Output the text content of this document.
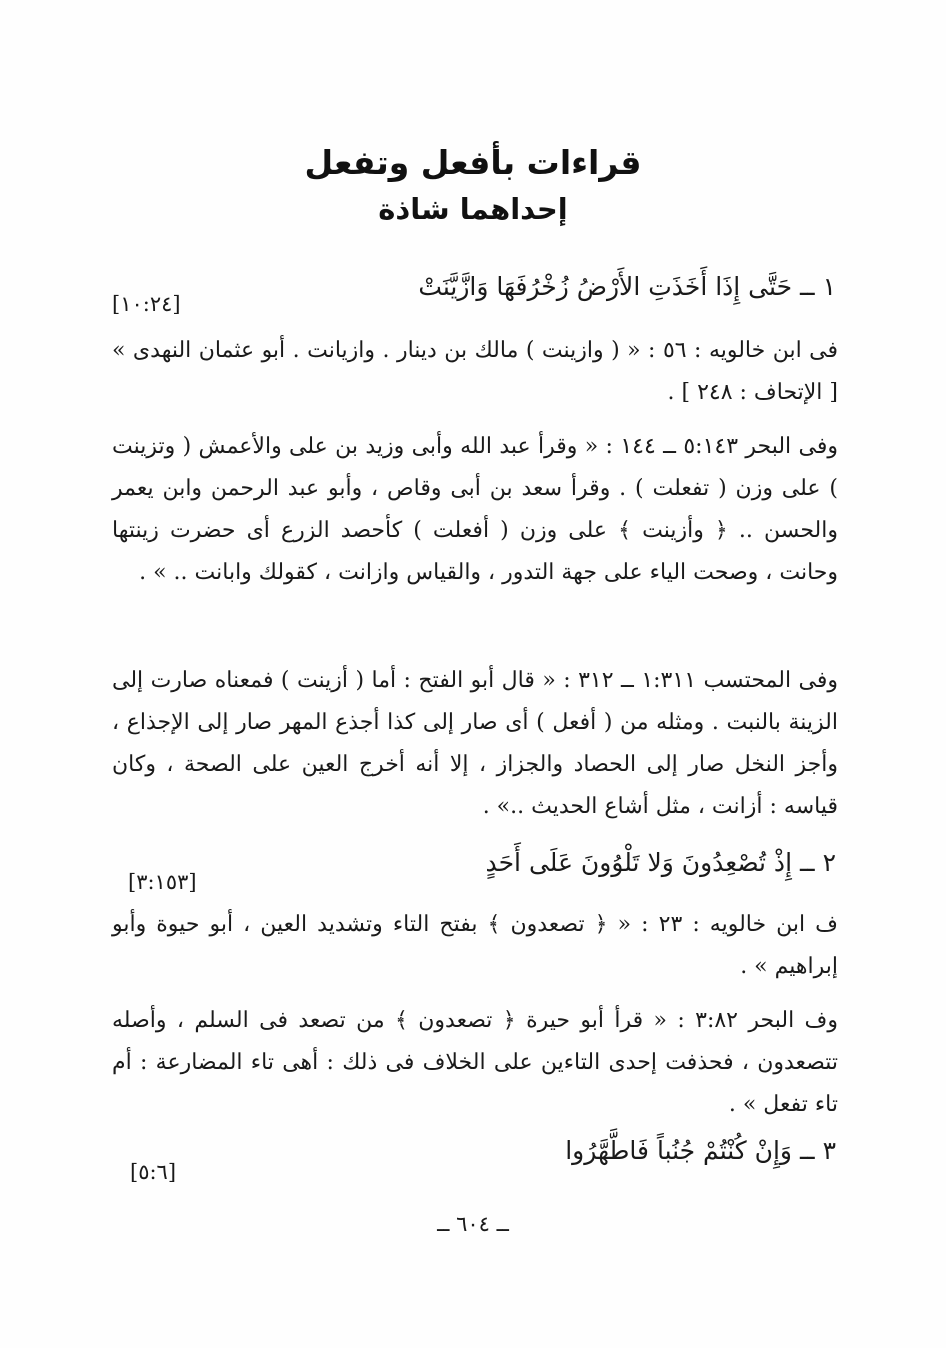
قراءات بأفعل وتفعل
إحداهما شاذة
١ ــ حَتَّى إِذَا أَخَذَتِ الأَرْضُ زُخْرُفَهَا وَازَّيَّنَتْ
[١٠:٢٤]
فى ابن خالويه : ٥٦ : « ( وازينت ) مالك بن دينار . وازيانت . أبو عثمان النهدى » [ الإتحاف : ٢٤٨ ] .
وفى البحر ٥:١٤٣ ــ ١٤٤ : « وقرأ عبد الله وأبى وزيد بن على والأعمش ( وتزينت ) على وزن ( تفعلت ) . وقرأ سعد بن أبى وقاص ، وأبو عبد الرحمن وابن يعمر والحسن .. ﴿ وأزينت ﴾ على وزن ( أفعلت ) كأحصد الزرع أى حضرت زينتها وحانت ، وصحت الياء على جهة التدور ، والقياس وازانت ، كقولك وابانت .. » .
وفى المحتسب ١:٣١١ ــ ٣١٢ : « قال أبو الفتح : أما ( أزينت ) فمعناه صارت إلى الزينة بالنبت . ومثله من ( أفعل ) أى صار إلى كذا أجذع المهر صار إلى الإجذاع ، وأجز النخل صار إلى الحصاد والجزاز ، إلا أنه أخرج العين على الصحة ، وكان قياسه : أزانت ، مثل أشاع الحديث ..» .
٢ ــ إِذْ تُصْعِدُونَ وَلا تَلْوُونَ عَلَى أَحَدٍ
[٣:١٥٣]
ف ابن خالويه : ٢٣ : « ﴿ تصعدون ﴾ بفتح التاء وتشديد العين ، أبو حيوة وأبو إبراهيم » .
وف البحر ٣:٨٢ : « قرأ أبو حيرة ﴿ تصعدون ﴾ من تصعد فى السلم ، وأصله تتصعدون ، فحذفت إحدى التاءين على الخلاف فى ذلك : أهى تاء المضارعة : أم تاء تفعل » .
٣ ــ وَإِنْ كُنْتُمْ جُنُباً فَاطَّهَّرُوا
[٥:٦]
ــ ٦٠٤ ــ
